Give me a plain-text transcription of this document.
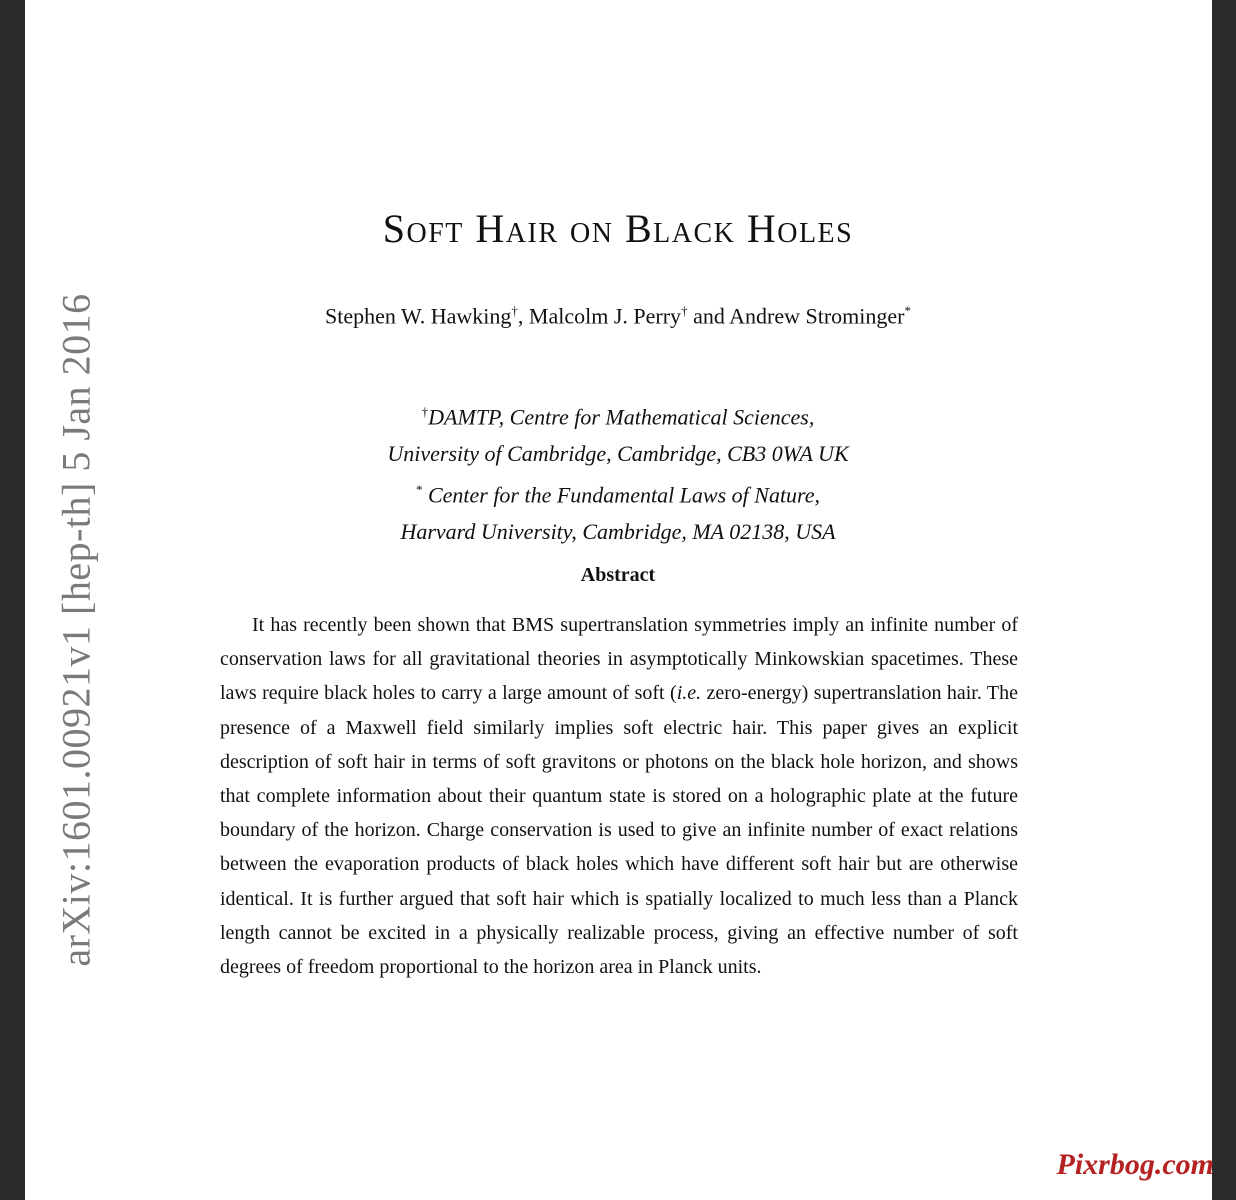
arXiv:1601.00921v1 [hep-th] 5 Jan 2016
Soft Hair on Black Holes
Stephen W. Hawking†, Malcolm J. Perry† and Andrew Strominger*
†DAMTP, Centre for Mathematical Sciences,
University of Cambridge, Cambridge, CB3 0WA UK
* Center for the Fundamental Laws of Nature,
Harvard University, Cambridge, MA 02138, USA
Abstract
It has recently been shown that BMS supertranslation symmetries imply an infinite number of conservation laws for all gravitational theories in asymptotically Minkowskian spacetimes. These laws require black holes to carry a large amount of soft (i.e. zero-energy) supertranslation hair. The presence of a Maxwell field similarly implies soft electric hair. This paper gives an explicit description of soft hair in terms of soft gravitons or photons on the black hole horizon, and shows that complete information about their quantum state is stored on a holographic plate at the future boundary of the horizon. Charge conservation is used to give an infinite number of exact relations between the evaporation products of black holes which have different soft hair but are otherwise identical. It is further argued that soft hair which is spatially localized to much less than a Planck length cannot be excited in a physically realizable process, giving an effective number of soft degrees of freedom proportional to the horizon area in Planck units.
Pixrbog.com
